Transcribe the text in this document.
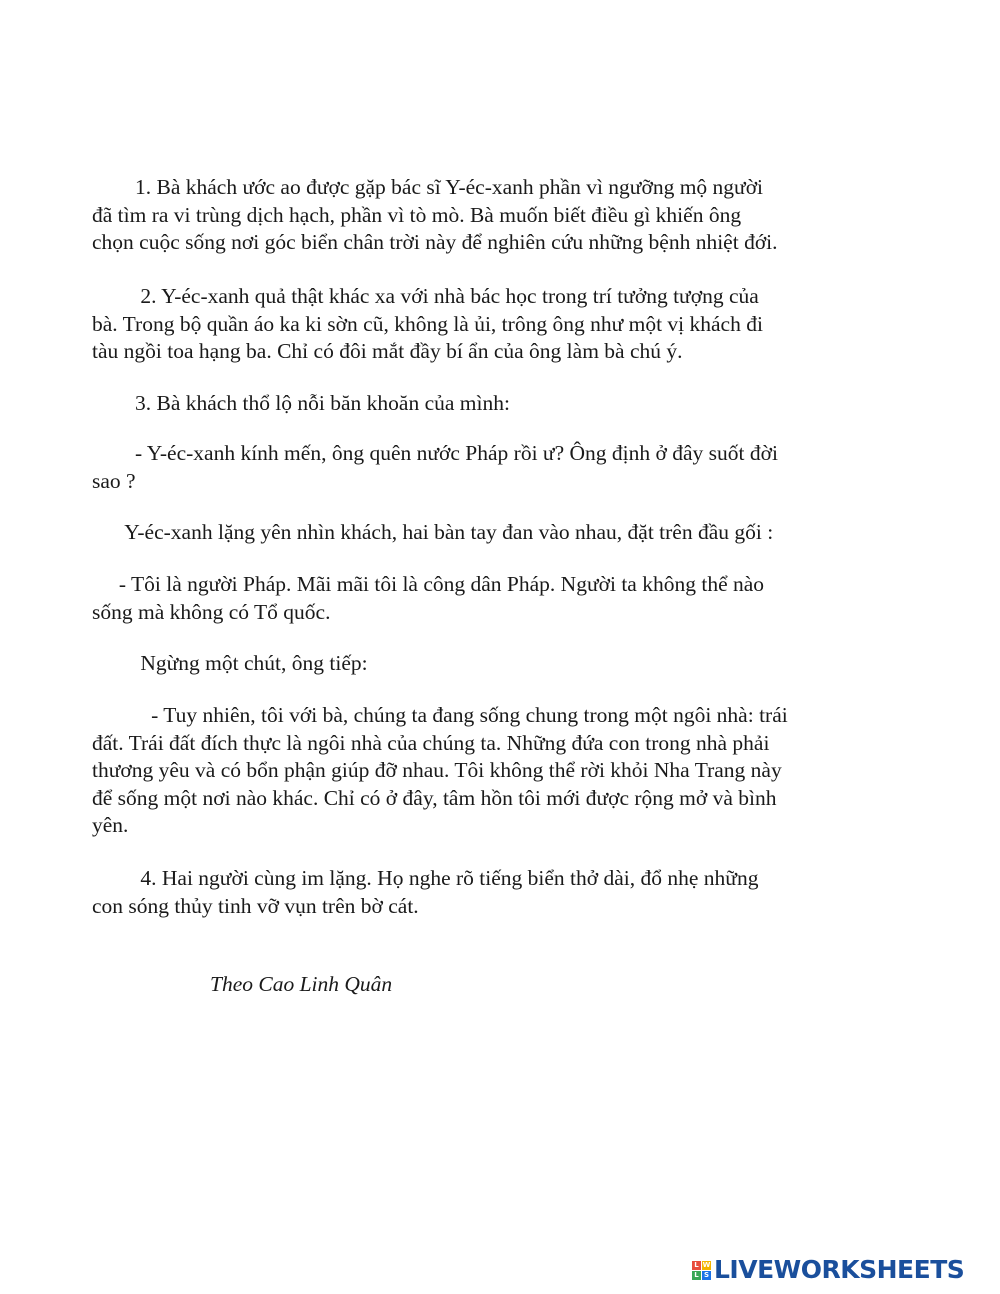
1. Bà khách ước ao được gặp bác sĩ Y-éc-xanh phần vì ngưỡng mộ người
đã tìm ra vi trùng dịch hạch, phần vì tò mò. Bà muốn biết điều gì khiến ông
chọn cuộc sống nơi góc biển chân trời này để nghiên cứu những bệnh nhiệt đới.

2. Y-éc-xanh quả thật khác xa với nhà bác học trong trí tưởng tượng của
bà. Trong bộ quần áo ka ki sờn cũ, không là ủi, trông ông như một vị khách đi
tàu ngồi toa hạng ba. Chỉ có đôi mắt đầy bí ẩn của ông làm bà chú ý.

3. Bà khách thổ lộ nỗi băn khoăn của mình:

- Y-éc-xanh kính mến, ông quên nước Pháp rồi ư? Ông định ở đây suốt đời
sao ?

Y-éc-xanh lặng yên nhìn khách, hai bàn tay đan vào nhau, đặt trên đầu gối :

- Tôi là người Pháp. Mãi mãi tôi là công dân Pháp. Người ta không thể nào
sống mà không có Tổ quốc.

Ngừng một chút, ông tiếp:

- Tuy nhiên, tôi với bà, chúng ta đang sống chung trong một ngôi nhà: trái
đất. Trái đất đích thực là ngôi nhà của chúng ta. Những đứa con trong nhà phải
thương yêu và có bổn phận giúp đỡ nhau. Tôi không thể rời khỏi Nha Trang này
để sống một nơi nào khác. Chỉ có ở đây, tâm hồn tôi mới được rộng mở và bình
yên.

4. Hai người cùng im lặng. Họ nghe rõ tiếng biển thở dài, đổ nhẹ những
con sóng thủy tinh vỡ vụn trên bờ cát.

Theo Cao Linh Quân

L W
L S LIVEWORKSHEETS
